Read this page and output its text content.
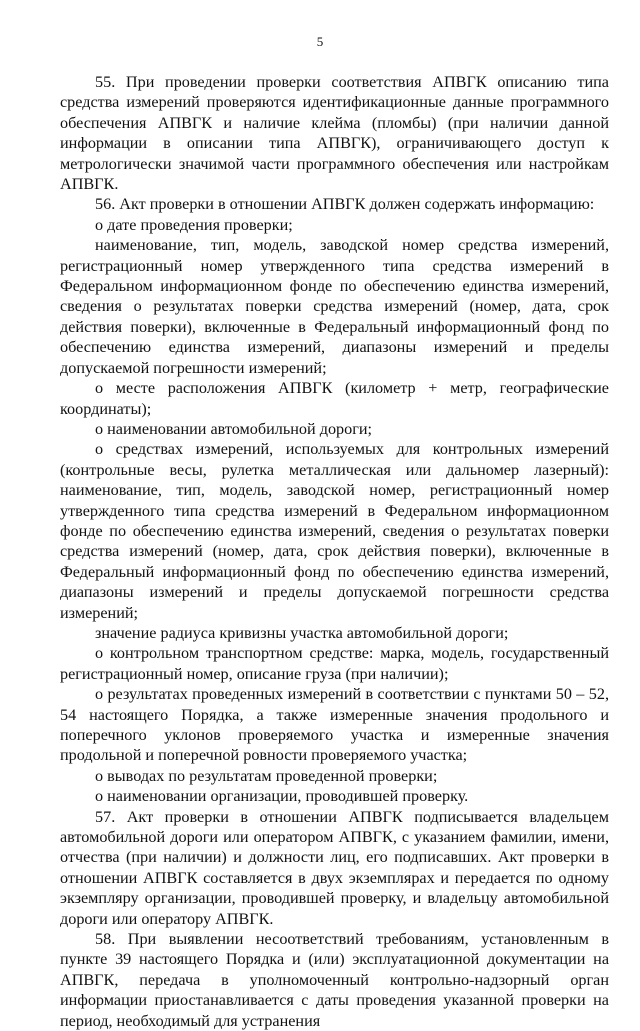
5

55. При проведении проверки соответствия АПВГК описанию типа средства измерений проверяются идентификационные данные программного обеспечения АПВГК и наличие клейма (пломбы) (при наличии данной информации в описании типа АПВГК), ограничивающего доступ к метрологически значимой части программного обеспечения или настройкам АПВГК.

56. Акт проверки в отношении АПВГК должен содержать информацию:

о дате проведения проверки;

наименование, тип, модель, заводской номер средства измерений, регистрационный номер утвержденного типа средства измерений в Федеральном информационном фонде по обеспечению единства измерений, сведения о результатах поверки средства измерений (номер, дата, срок действия поверки), включенные в Федеральный информационный фонд по обеспечению единства измерений, диапазоны измерений и пределы допускаемой погрешности измерений;

о месте расположения АПВГК (километр + метр, географические координаты);

о наименовании автомобильной дороги;

о средствах измерений, используемых для контрольных измерений (контрольные весы, рулетка металлическая или дальномер лазерный): наименование, тип, модель, заводской номер, регистрационный номер утвержденного типа средства измерений в Федеральном информационном фонде по обеспечению единства измерений, сведения о результатах поверки средства измерений (номер, дата, срок действия поверки), включенные в Федеральный информационный фонд по обеспечению единства измерений, диапазоны измерений и пределы допускаемой погрешности средства измерений;

значение радиуса кривизны участка автомобильной дороги;

о контрольном транспортном средстве: марка, модель, государственный регистрационный номер, описание груза (при наличии);

о результатах проведенных измерений в соответствии с пунктами 50 – 52, 54 настоящего Порядка, а также измеренные значения продольного и поперечного уклонов проверяемого участка и измеренные значения продольной и поперечной ровности проверяемого участка;

о выводах по результатам проведенной проверки;

о наименовании организации, проводившей проверку.

57. Акт проверки в отношении АПВГК подписывается владельцем автомобильной дороги или оператором АПВГК, с указанием фамилии, имени, отчества (при наличии) и должности лиц, его подписавших. Акт проверки в отношении АПВГК составляется в двух экземплярах и передается по одному экземпляру организации, проводившей проверку, и владельцу автомобильной дороги или оператору АПВГК.

58. При выявлении несоответствий требованиям, установленным в пункте 39 настоящего Порядка и (или) эксплуатационной документации на АПВГК, передача в уполномоченный контрольно-надзорный орган информации приостанавливается с даты проведения указанной проверки на период, необходимый для устранения
